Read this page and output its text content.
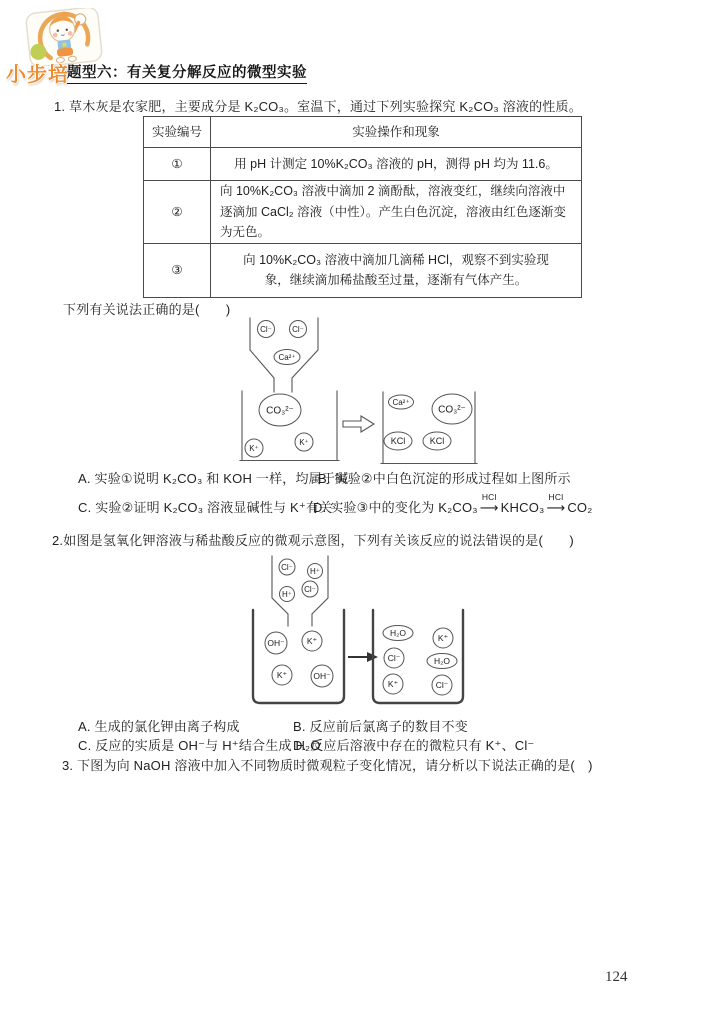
小步培
题型六：有关复分解反应的微型实验
1. 草木灰是农家肥，主要成分是 K₂CO₃。室温下，通过下列实验探究 K₂CO₃ 溶液的性质。
实验编号	实验操作和现象
①	用 pH 计测定 10%K₂CO₃ 溶液的 pH，测得 pH 均为 11.6。
②	向 10%K₂CO₃ 溶液中滴加 2 滴酚酞，溶液变红，继续向溶液中逐滴加 CaCl₂ 溶液（中性）。产生白色沉淀，溶液由红色逐渐变为无色。
③	向 10%K₂CO₃ 溶液中滴加几滴稀 HCl，观察不到实验现象，继续滴加稀盐酸至过量，逐渐有气体产生。
下列有关说法正确的是(　　)
Cl⁻	Cl⁻
Ca²⁺
CO₃²⁻
K⁺
K⁺
Ca²⁺
CO₃²⁻
KCl	KCl
A. 实验①说明 K₂CO₃ 和 KOH 一样，均属于碱
B. 实验②中白色沉淀的形成过程如上图所示
C. 实验②证明 K₂CO₃ 溶液显碱性与 K⁺有关
D. 实验③中的变化为 K₂CO₃
HCl
⟶ KHCO₃
HCl
⟶ CO₂
2.如图是氢氧化钾溶液与稀盐酸反应的微观示意图，下列有关该反应的说法错误的是(　　)
Cl⁻ H⁺
H⁺
Cl⁻
OH⁻	K⁺
K⁺	OH⁻
H₂O	K⁺
Cl⁻	H₂O
K⁺	Cl⁻
A. 生成的氯化钾由离子构成	B. 反应前后氯离子的数目不变
C. 反应的实质是 OH⁻与 H⁺结合生成 H₂O
D. 反应后溶液中存在的微粒只有 K⁺、Cl⁻
3. 下图为向 NaOH 溶液中加入不同物质时微观粒子变化情况，请分析以下说法正确的是(　)
124
